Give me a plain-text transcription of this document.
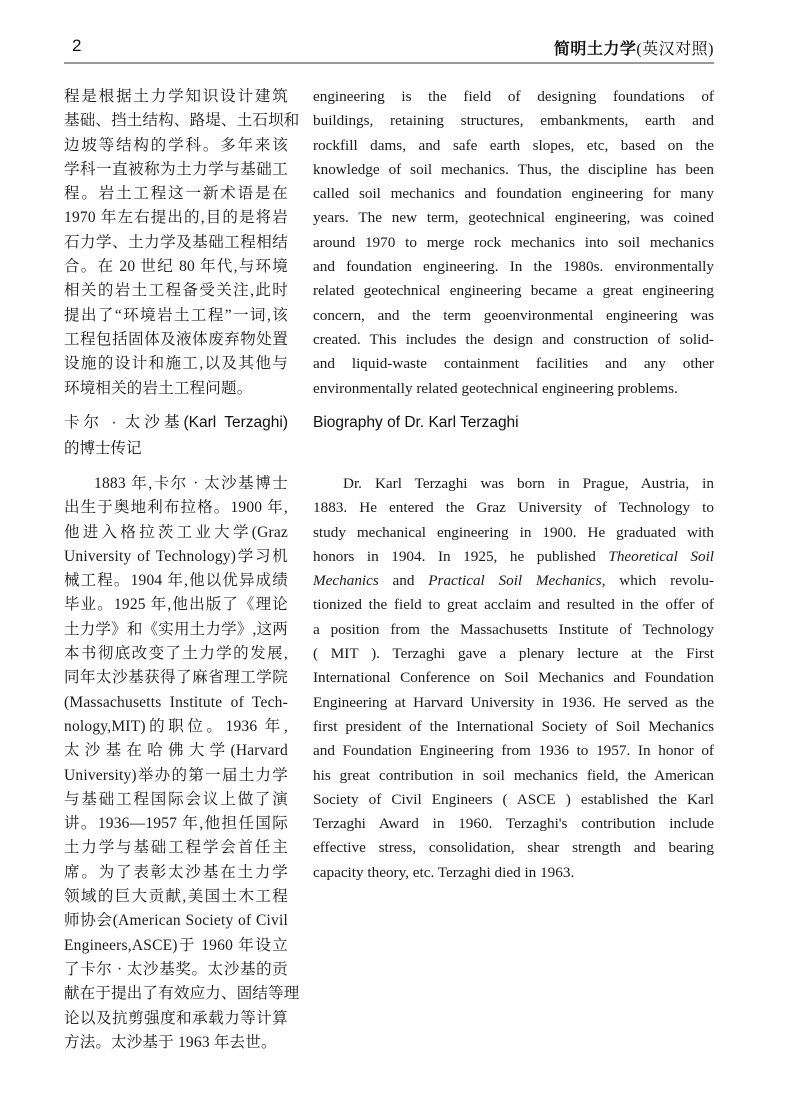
2	简明土力学(英汉对照)
程是根据土力学知识设计建筑
基础、挡土结构、路堤、土石坝和
边坡等结构的学科。多年来该
学科一直被称为土力学与基础工
程。岩土工程这一新术语是在
1970 年左右提出的,目的是将岩
石力学、土力学及基础工程相结
合。在 20 世纪 80 年代,与环境
相关的岩土工程备受关注,此时
提出了“环境岩土工程”一词,该
工程包括固体及液体废弃物处置
设施的设计和施工,以及其他与
环境相关的岩土工程问题。
卡尔 · 太沙基(Karl Terzaghi)
的博士传记
1883 年,卡尔 · 太沙基博士
出生于奥地利布拉格。1900 年,
他进入格拉茨工业大学(Graz
University of Technology)学习机
械工程。1904 年,他以优异成绩
毕业。1925 年,他出版了《理论
土力学》和《实用土力学》,这两
本书彻底改变了土力学的发展,
同年太沙基获得了麻省理工学院
(Massachusetts Institute of Tech-
nology,MIT)的职位。1936 年,
太沙基在哈佛大学(Harvard
University)举办的第一届土力学
与基础工程国际会议上做了演
讲。1936—1957 年,他担任国际
土力学与基础工程学会首任主
席。为了表彰太沙基在土力学
领域的巨大贡献,美国土木工程
师协会(American Society of Civil
Engineers,ASCE)于 1960 年设立
了卡尔 · 太沙基奖。太沙基的贡
献在于提出了有效应力、固结等理
论以及抗剪强度和承载力等计算
方法。太沙基于 1963 年去世。
engineering is the field of designing foundations of
buildings, retaining structures, embankments, earth and
rockfill dams, and safe earth slopes, etc, based on the
knowledge of soil mechanics. Thus, the discipline has been
called soil mechanics and foundation engineering for many
years. The new term, geotechnical engineering, was coined
around 1970 to merge rock mechanics into soil mechanics
and foundation engineering. In the 1980s. environmentally
related geotechnical engineering became a great engineering
concern, and the term geoenvironmental engineering was
created. This includes the design and construction of solid-
and liquid-waste containment facilities and any other
environmentally related geotechnical engineering problems.
Biography of Dr. Karl Terzaghi
Dr. Karl Terzaghi was born in Prague, Austria, in
1883. He entered the Graz University of Technology to
study mechanical engineering in 1900. He graduated with
honors in 1904. In 1925, he published Theoretical Soil
Mechanics and Practical Soil Mechanics, which revolu-
tionized the field to great acclaim and resulted in the offer of
a position from the Massachusetts Institute of Technology
( MIT ). Terzaghi gave a plenary lecture at the First
International Conference on Soil Mechanics and Foundation
Engineering at Harvard University in 1936. He served as the
first president of the International Society of Soil Mechanics
and Foundation Engineering from 1936 to 1957. In honor of
his great contribution in soil mechanics field, the American
Society of Civil Engineers ( ASCE ) established the Karl
Terzaghi Award in 1960. Terzaghi's contribution include
effective stress, consolidation, shear strength and bearing
capacity theory, etc. Terzaghi died in 1963.
